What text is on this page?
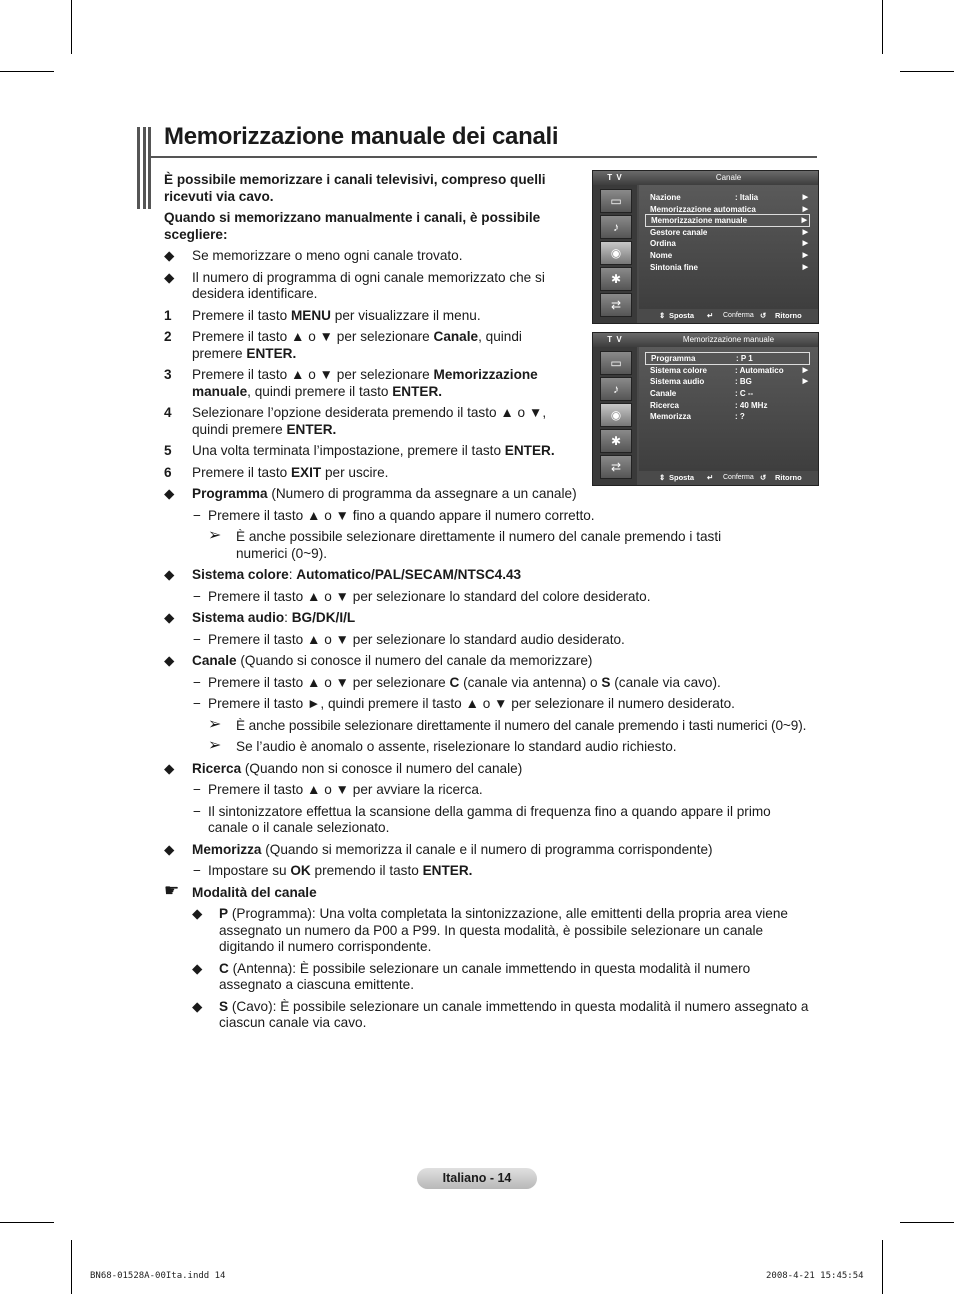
Memorizzazione manuale dei canali

È possibile memorizzare i canali televisivi, compreso quelli ricevuti via cavo.

Quando si memorizzano manualmente i canali, è possibile scegliere:

◆ Se memorizzare o meno ogni canale trovato.
◆ Il numero di programma di ogni canale memorizzato che si desidera identificare.
1 Premere il tasto MENU per visualizzare il menu.
2 Premere il tasto ▲ o ▼ per selezionare Canale, quindi premere ENTER.
3 Premere il tasto ▲ o ▼ per selezionare Memorizzazione manuale, quindi premere il tasto ENTER.
4 Selezionare l’opzione desiderata premendo il tasto ▲ o ▼, quindi premere ENTER.
5 Una volta terminata l’impostazione, premere il tasto ENTER.
6 Premere il tasto EXIT per uscire.
◆ Programma (Numero di programma da assegnare a un canale)
− Premere il tasto ▲ o ▼ fino a quando appare il numero corretto.
➢ È anche possibile selezionare direttamente il numero del canale premendo i tasti numerici (0~9).
◆ Sistema colore: Automatico/PAL/SECAM/NTSC4.43
− Premere il tasto ▲ o ▼ per selezionare lo standard del colore desiderato.
◆ Sistema audio: BG/DK/I/L
− Premere il tasto ▲ o ▼ per selezionare lo standard audio desiderato.
◆ Canale (Quando si conosce il numero del canale da memorizzare)
− Premere il tasto ▲ o ▼ per selezionare C (canale via antenna) o S (canale via cavo).
− Premere il tasto ►, quindi premere il tasto ▲ o ▼ per selezionare il numero desiderato.
➢ È anche possibile selezionare direttamente il numero del canale premendo i tasti numerici (0~9).
➢ Se l’audio è anomalo o assente, riselezionare lo standard audio richiesto.
◆ Ricerca (Quando non si conosce il numero del canale)
− Premere il tasto ▲ o ▼ per avviare la ricerca.
− Il sintonizzatore effettua la scansione della gamma di frequenza fino a quando appare il primo canale o il canale selezionato.
◆ Memorizza (Quando si memorizza il canale e il numero di programma corrispondente)
− Impostare su OK premendo il tasto ENTER.
☛ Modalità del canale
◆ P (Programma): Una volta completata la sintonizzazione, alle emittenti della propria area viene assegnato un numero da P00 a P99. In questa modalità, è possibile selezionare un canale digitando il numero corrispondente.
◆ C (Antenna): È possibile selezionare un canale immettendo in questa modalità il numero assegnato a ciascuna emittente.
◆ S (Cavo): È possibile selezionare un canale immettendo in questa modalità il numero assegnato a ciascun canale via cavo.
T V	Canale
▭
♪
◉
✱
⇄
Nazione	: Italia	▶
Memorizzazione automatica	▶
Memorizzazione manuale	▶
Gestore canale	▶
Ordina	▶
Nome	▶
Sintonia fine	▶
⇕ Sposta ↵ Conferma ↺ Ritorno
T V	Memorizzazione manuale
▭
♪
◉
✱
⇄
Programma	: P 1
Sistema colore	: Automatico	▶
Sistema audio	: BG	▶
Canale	: C --
Ricerca	: 40 MHz
Memorizza	: ?
⇕ Sposta ↵ Conferma ↺ Ritorno
Italiano - 14
BN68-01528A-00Ita.indd 14	2008-4-21 15:45:54
